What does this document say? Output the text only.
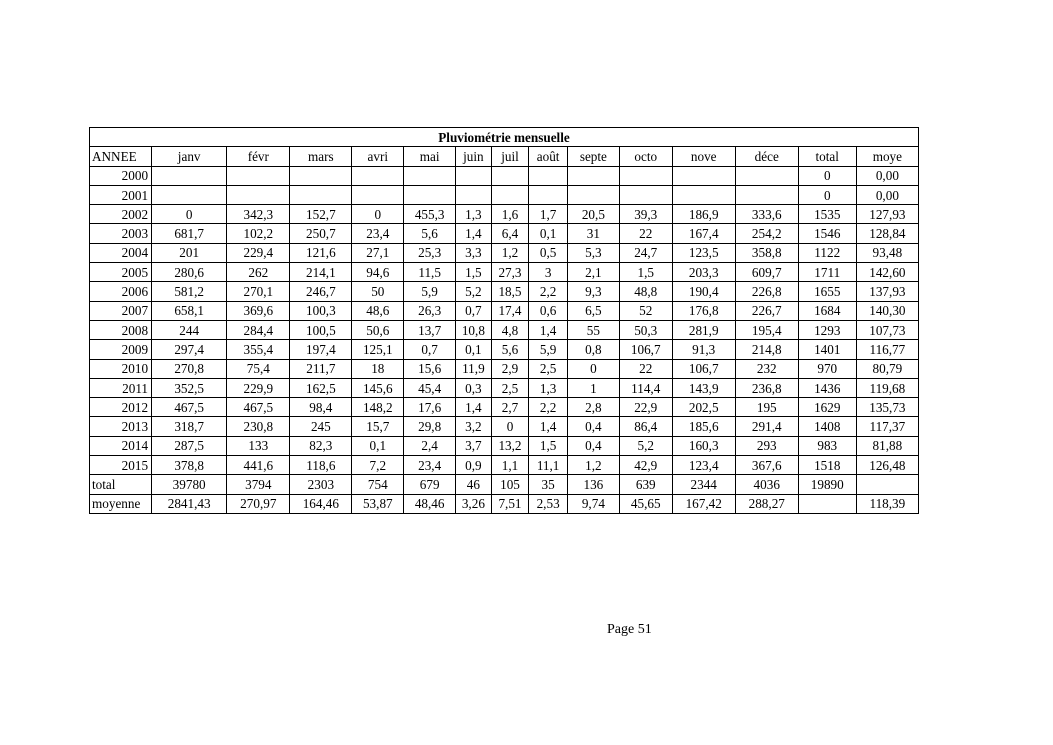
Pluviométrie mensuelle														
ANNEE	janv	févr	mars	avri	mai	juin	juil	août	septe	octo	nove	déce	total	moye
2000													0	0,00
2001													0	0,00
2002	0	342,3	152,7	0	455,3	1,3	1,6	1,7	20,5	39,3	186,9	333,6	1535	127,93
2003	681,7	102,2	250,7	23,4	5,6	1,4	6,4	0,1	31	22	167,4	254,2	1546	128,84
2004	201	229,4	121,6	27,1	25,3	3,3	1,2	0,5	5,3	24,7	123,5	358,8	1122	93,48
2005	280,6	262	214,1	94,6	11,5	1,5	27,3	3	2,1	1,5	203,3	609,7	1711	142,60
2006	581,2	270,1	246,7	50	5,9	5,2	18,5	2,2	9,3	48,8	190,4	226,8	1655	137,93
2007	658,1	369,6	100,3	48,6	26,3	0,7	17,4	0,6	6,5	52	176,8	226,7	1684	140,30
2008	244	284,4	100,5	50,6	13,7	10,8	4,8	1,4	55	50,3	281,9	195,4	1293	107,73
2009	297,4	355,4	197,4	125,1	0,7	0,1	5,6	5,9	0,8	106,7	91,3	214,8	1401	116,77
2010	270,8	75,4	211,7	18	15,6	11,9	2,9	2,5	0	22	106,7	232	970	80,79
2011	352,5	229,9	162,5	145,6	45,4	0,3	2,5	1,3	1	114,4	143,9	236,8	1436	119,68
2012	467,5	467,5	98,4	148,2	17,6	1,4	2,7	2,2	2,8	22,9	202,5	195	1629	135,73
2013	318,7	230,8	245	15,7	29,8	3,2	0	1,4	0,4	86,4	185,6	291,4	1408	117,37
2014	287,5	133	82,3	0,1	2,4	3,7	13,2	1,5	0,4	5,2	160,3	293	983	81,88
2015	378,8	441,6	118,6	7,2	23,4	0,9	1,1	11,1	1,2	42,9	123,4	367,6	1518	126,48
total	39780	3794	2303	754	679	46	105	35	136	639	2344	4036	19890	
moyenne	2841,43	270,97	164,46	53,87	48,46	3,26	7,51	2,53	9,74	45,65	167,42	288,27		118,39
Page 51
